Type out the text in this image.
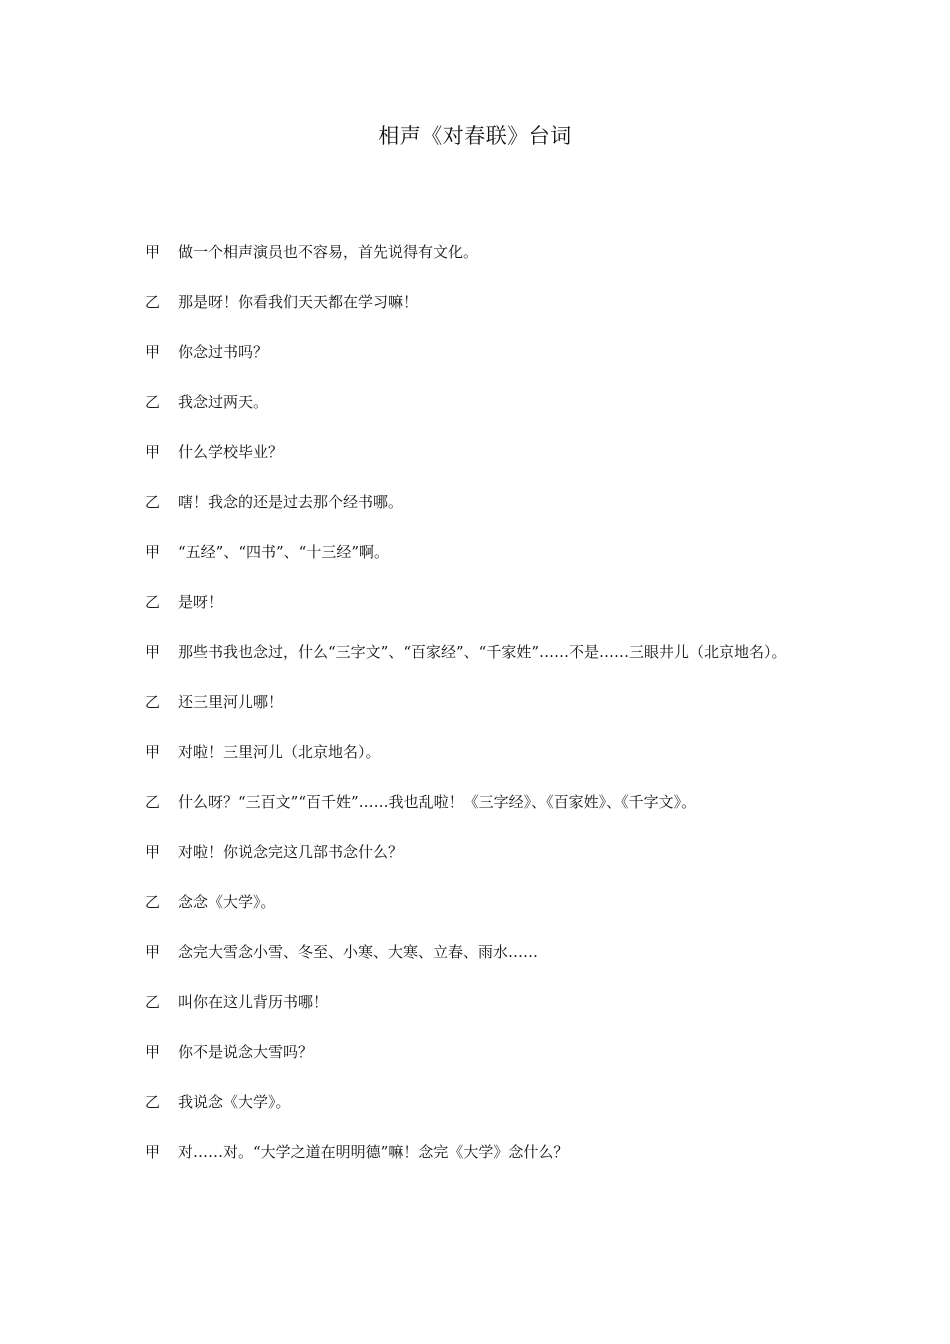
相声《对春联》台词

甲 做一个相声演员也不容易，首先说得有文化。

乙 那是呀！你看我们天天都在学习嘛！

甲 你念过书吗？

乙 我念过两天。

甲 什么学校毕业？

乙 嗐！我念的还是过去那个经书哪。

甲 “五经”、“四书”、“十三经”啊。

乙 是呀！

甲 那些书我也念过，什么“三字文”、“百家经”、“千家姓”……不是……三眼井儿（北京地名）。

乙 还三里河儿哪！

甲 对啦！三里河儿（北京地名）。

乙 什么呀？“三百文”“百千姓”……我也乱啦！《三字经》、《百家姓》、《千字文》。

甲 对啦！你说念完这几部书念什么？

乙 念念《大学》。

甲 念完大雪念小雪、冬至、小寒、大寒、立春、雨水……

乙 叫你在这儿背历书哪！

甲 你不是说念大雪吗？

乙 我说念《大学》。

甲 对……对。“大学之道在明明德”嘛！念完《大学》念什么？
